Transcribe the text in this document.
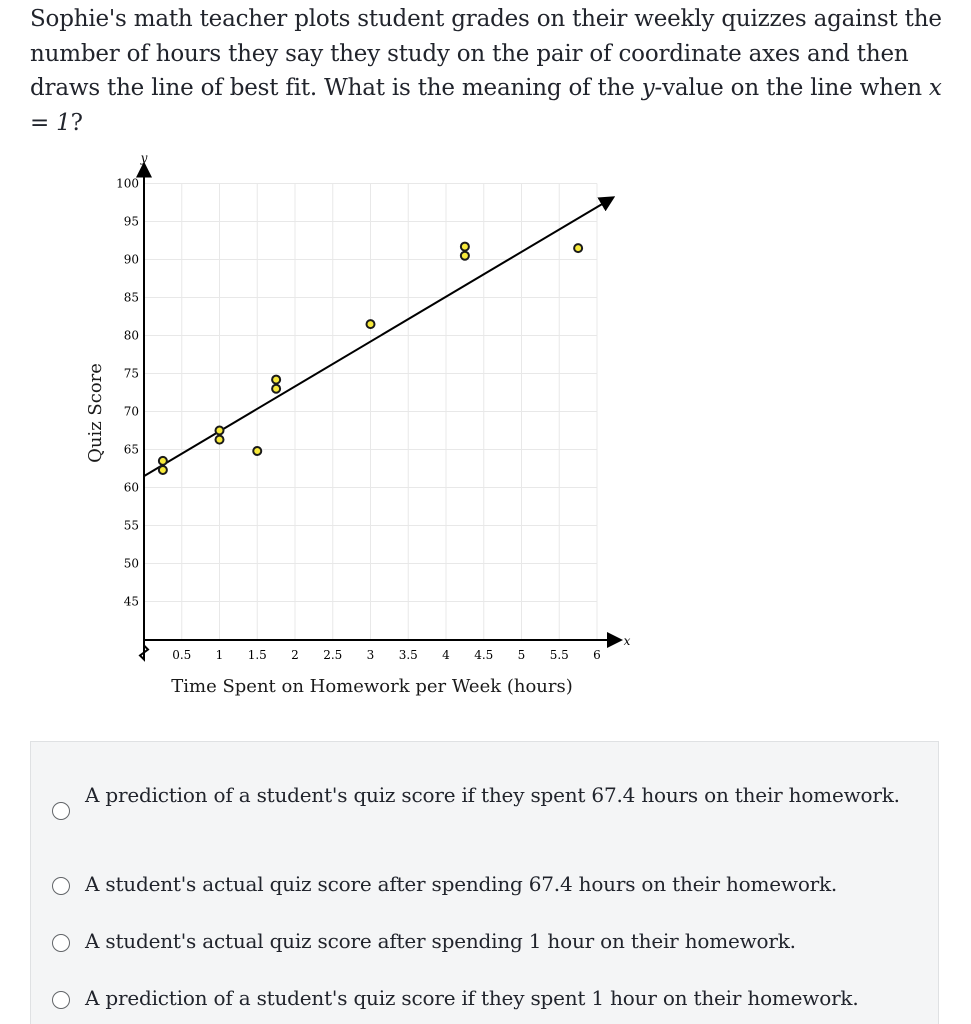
Sophie's math teacher plots student grades on their weekly quizzes against the number of hours they say they study on the pair of coordinate axes and then draws the line of best fit. What is the meaning of the y-value on the line when x = 1?
45
50
55
60
65
70
75
80
85
90
95
100
0.5 1 1.5 2 2.5 3 3.5 4 4.5 5 5.5 6
y
x
Quiz Score
Time Spent on Homework per Week (hours)
A prediction of a student's quiz score if they spent 67.4 hours on their homework.
A student's actual quiz score after spending 67.4 hours on their homework.
A student's actual quiz score after spending 1 hour on their homework.
A prediction of a student's quiz score if they spent 1 hour on their homework.
